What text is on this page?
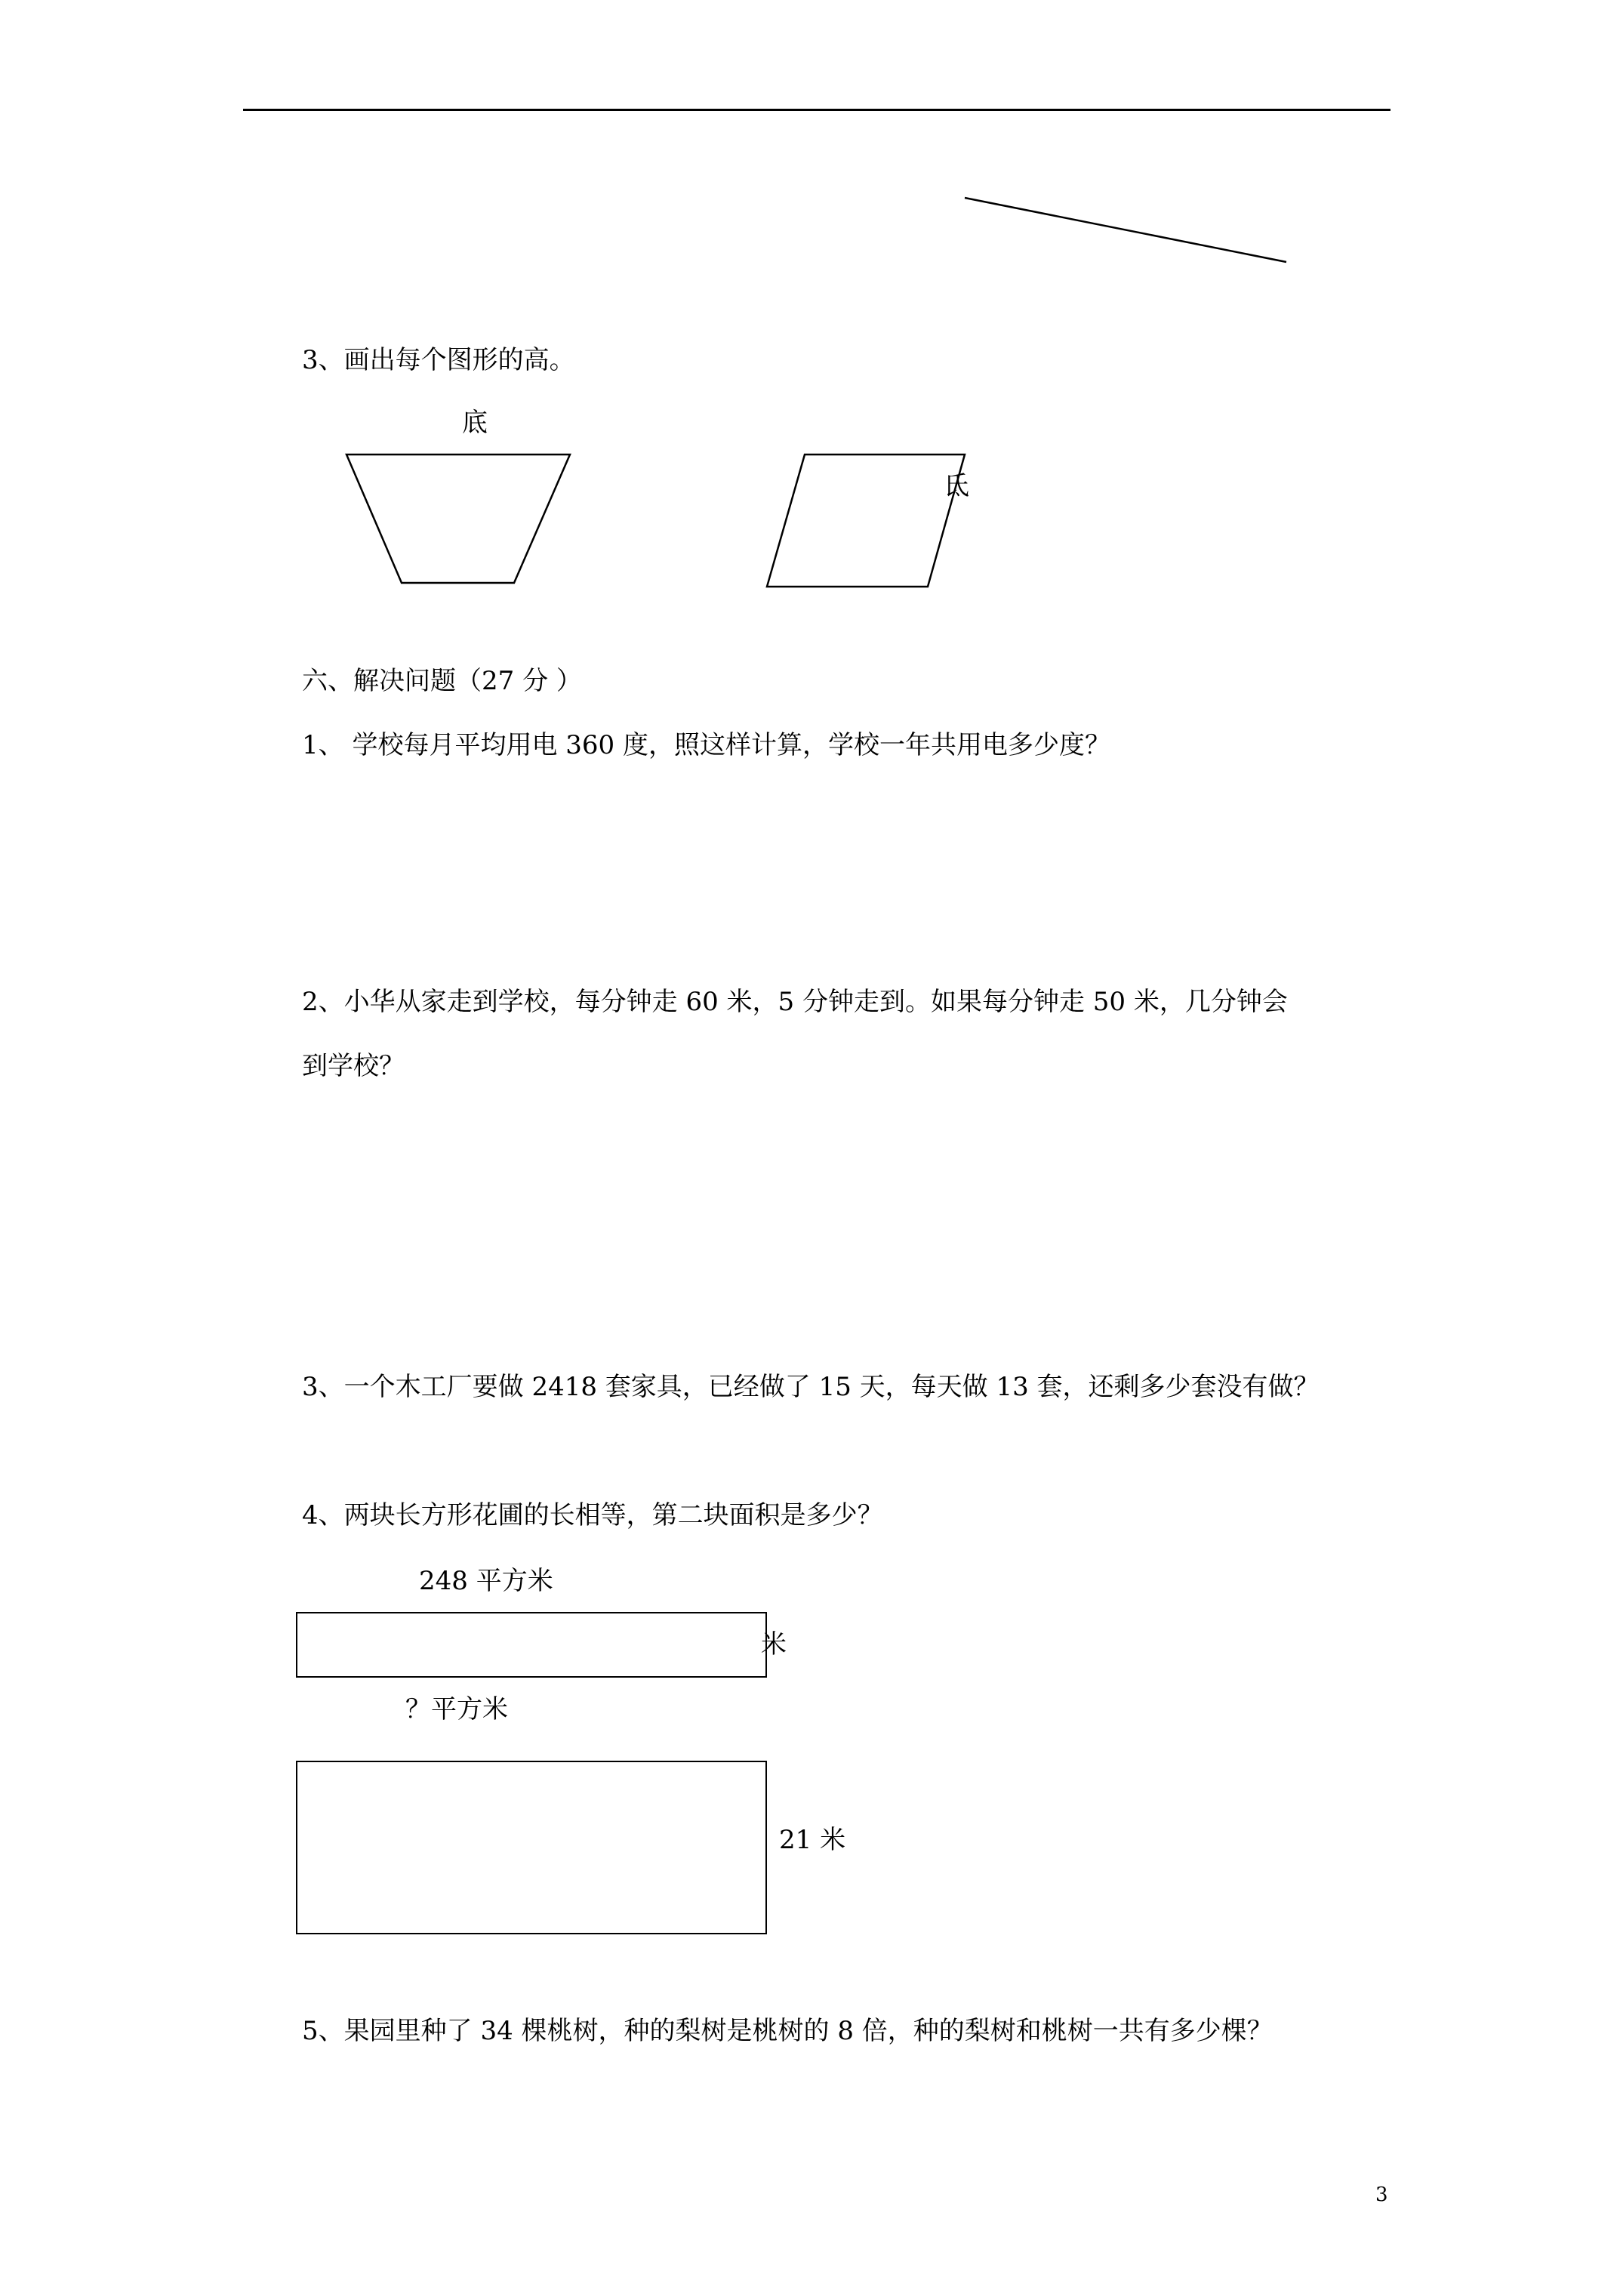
3、画出每个图形的高。
底
氐
六、解决问题（27 分 ）
1、 学校每月平均用电 360 度，照这样计算，学校一年共用电多少度？
2、小华从家走到学校，每分钟走 60 米，5 分钟走到。如果每分钟走 50 米，几分钟会
到学校？
3、一个木工厂要做 2418 套家具，已经做了 15 天，每天做 13 套，还剩多少套没有做？
4、两块长方形花圃的长相等，第二块面积是多少？
248 平方米
米
？平方米
21 米
5、果园里种了 34 棵桃树，种的梨树是桃树的 8 倍，种的梨树和桃树一共有多少棵？
3
